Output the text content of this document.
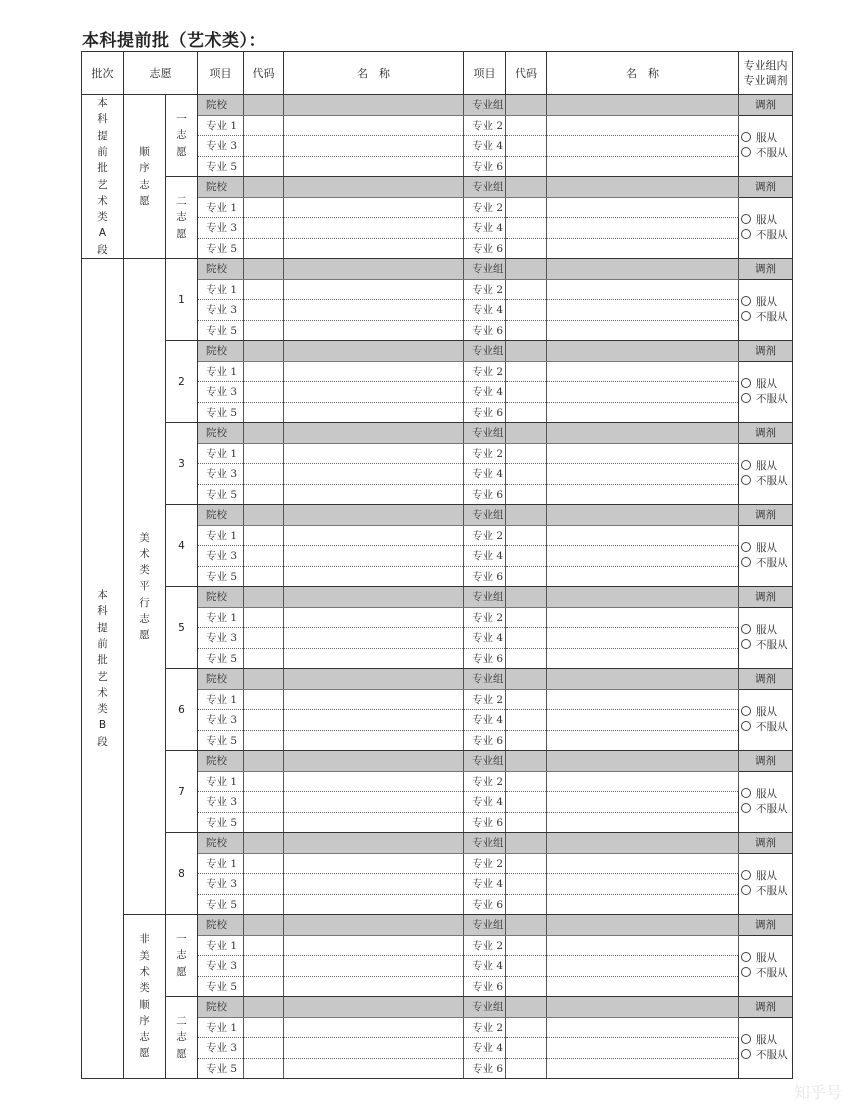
本科提前批（艺术类）：
批次	志愿		项目	代码	名　称	项目	代码	名　称	专业组内专业调剂
本科提前批艺术类A段	顺序志愿	一志愿	院校			专业组			调剂
			专业 1			专业 2			服从
不服从

			专业 3			专业 4			
			专业 5			专业 6			
		二志愿	院校			专业组			调剂
			专业 1			专业 2			服从
不服从

			专业 3			专业 4			
			专业 5			专业 6			
本科提前批艺术类B段	美术类平行志愿	1	院校			专业组			调剂
			专业 1			专业 2			服从
不服从

			专业 3			专业 4			
			专业 5			专业 6			
		2	院校			专业组			调剂
			专业 1			专业 2			服从
不服从

			专业 3			专业 4			
			专业 5			专业 6			
		3	院校			专业组			调剂
			专业 1			专业 2			服从
不服从

			专业 3			专业 4			
			专业 5			专业 6			
		4	院校			专业组			调剂
			专业 1			专业 2			服从
不服从

			专业 3			专业 4			
			专业 5			专业 6			
		5	院校			专业组			调剂
			专业 1			专业 2			服从
不服从

			专业 3			专业 4			
			专业 5			专业 6			
		6	院校			专业组			调剂
			专业 1			专业 2			服从
不服从

			专业 3			专业 4			
			专业 5			专业 6			
		7	院校			专业组			调剂
			专业 1			专业 2			服从
不服从

			专业 3			专业 4			
			专业 5			专业 6			
		8	院校			专业组			调剂
			专业 1			专业 2			服从
不服从

			专业 3			专业 4			
			专业 5			专业 6			
	非美术类顺序志愿	一志愿	院校			专业组			调剂
			专业 1			专业 2			服从
不服从

			专业 3			专业 4			
			专业 5			专业 6			
		二志愿	院校			专业组			调剂
			专业 1			专业 2			服从
不服从

			专业 3			专业 4			
			专业 5			专业 6			
知乎号
